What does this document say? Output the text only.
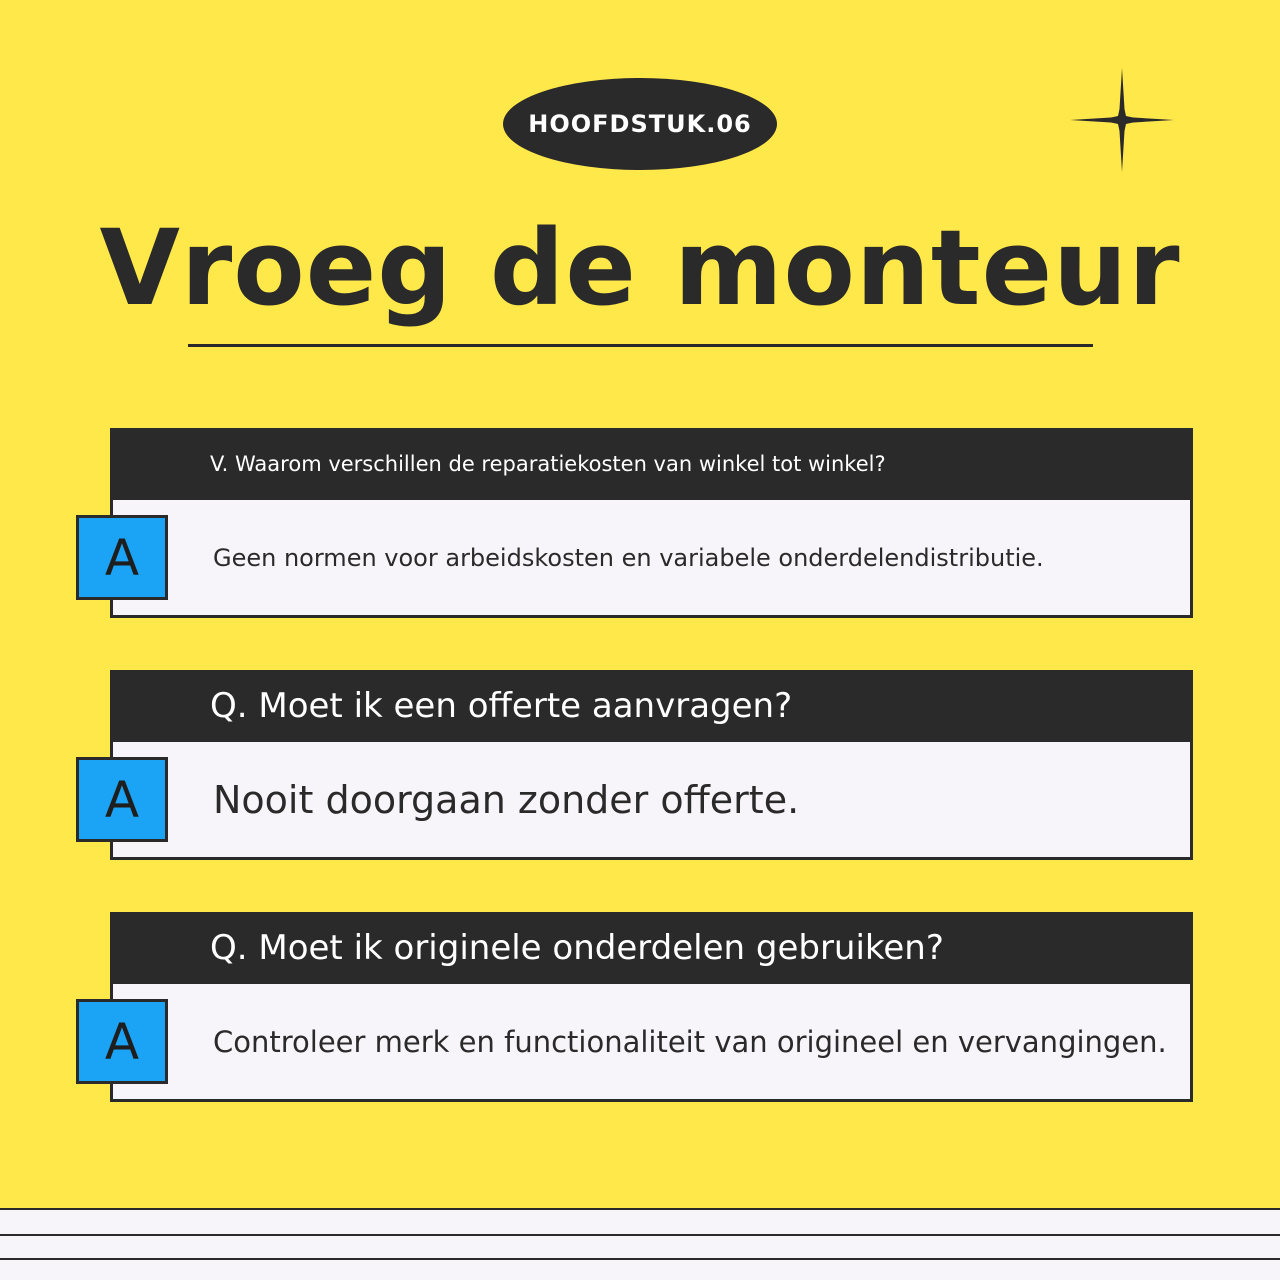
HOOFDSTUK.06
Vroeg de monteur
V. Waarom verschillen de reparatiekosten van winkel tot winkel?
Geen normen voor arbeidskosten en variabele onderdelendistributie.
A
Q. Moet ik een offerte aanvragen?
Nooit doorgaan zonder offerte.
A
Q. Moet ik originele onderdelen gebruiken?
Controleer merk en functionaliteit van origineel en vervangingen.
A
